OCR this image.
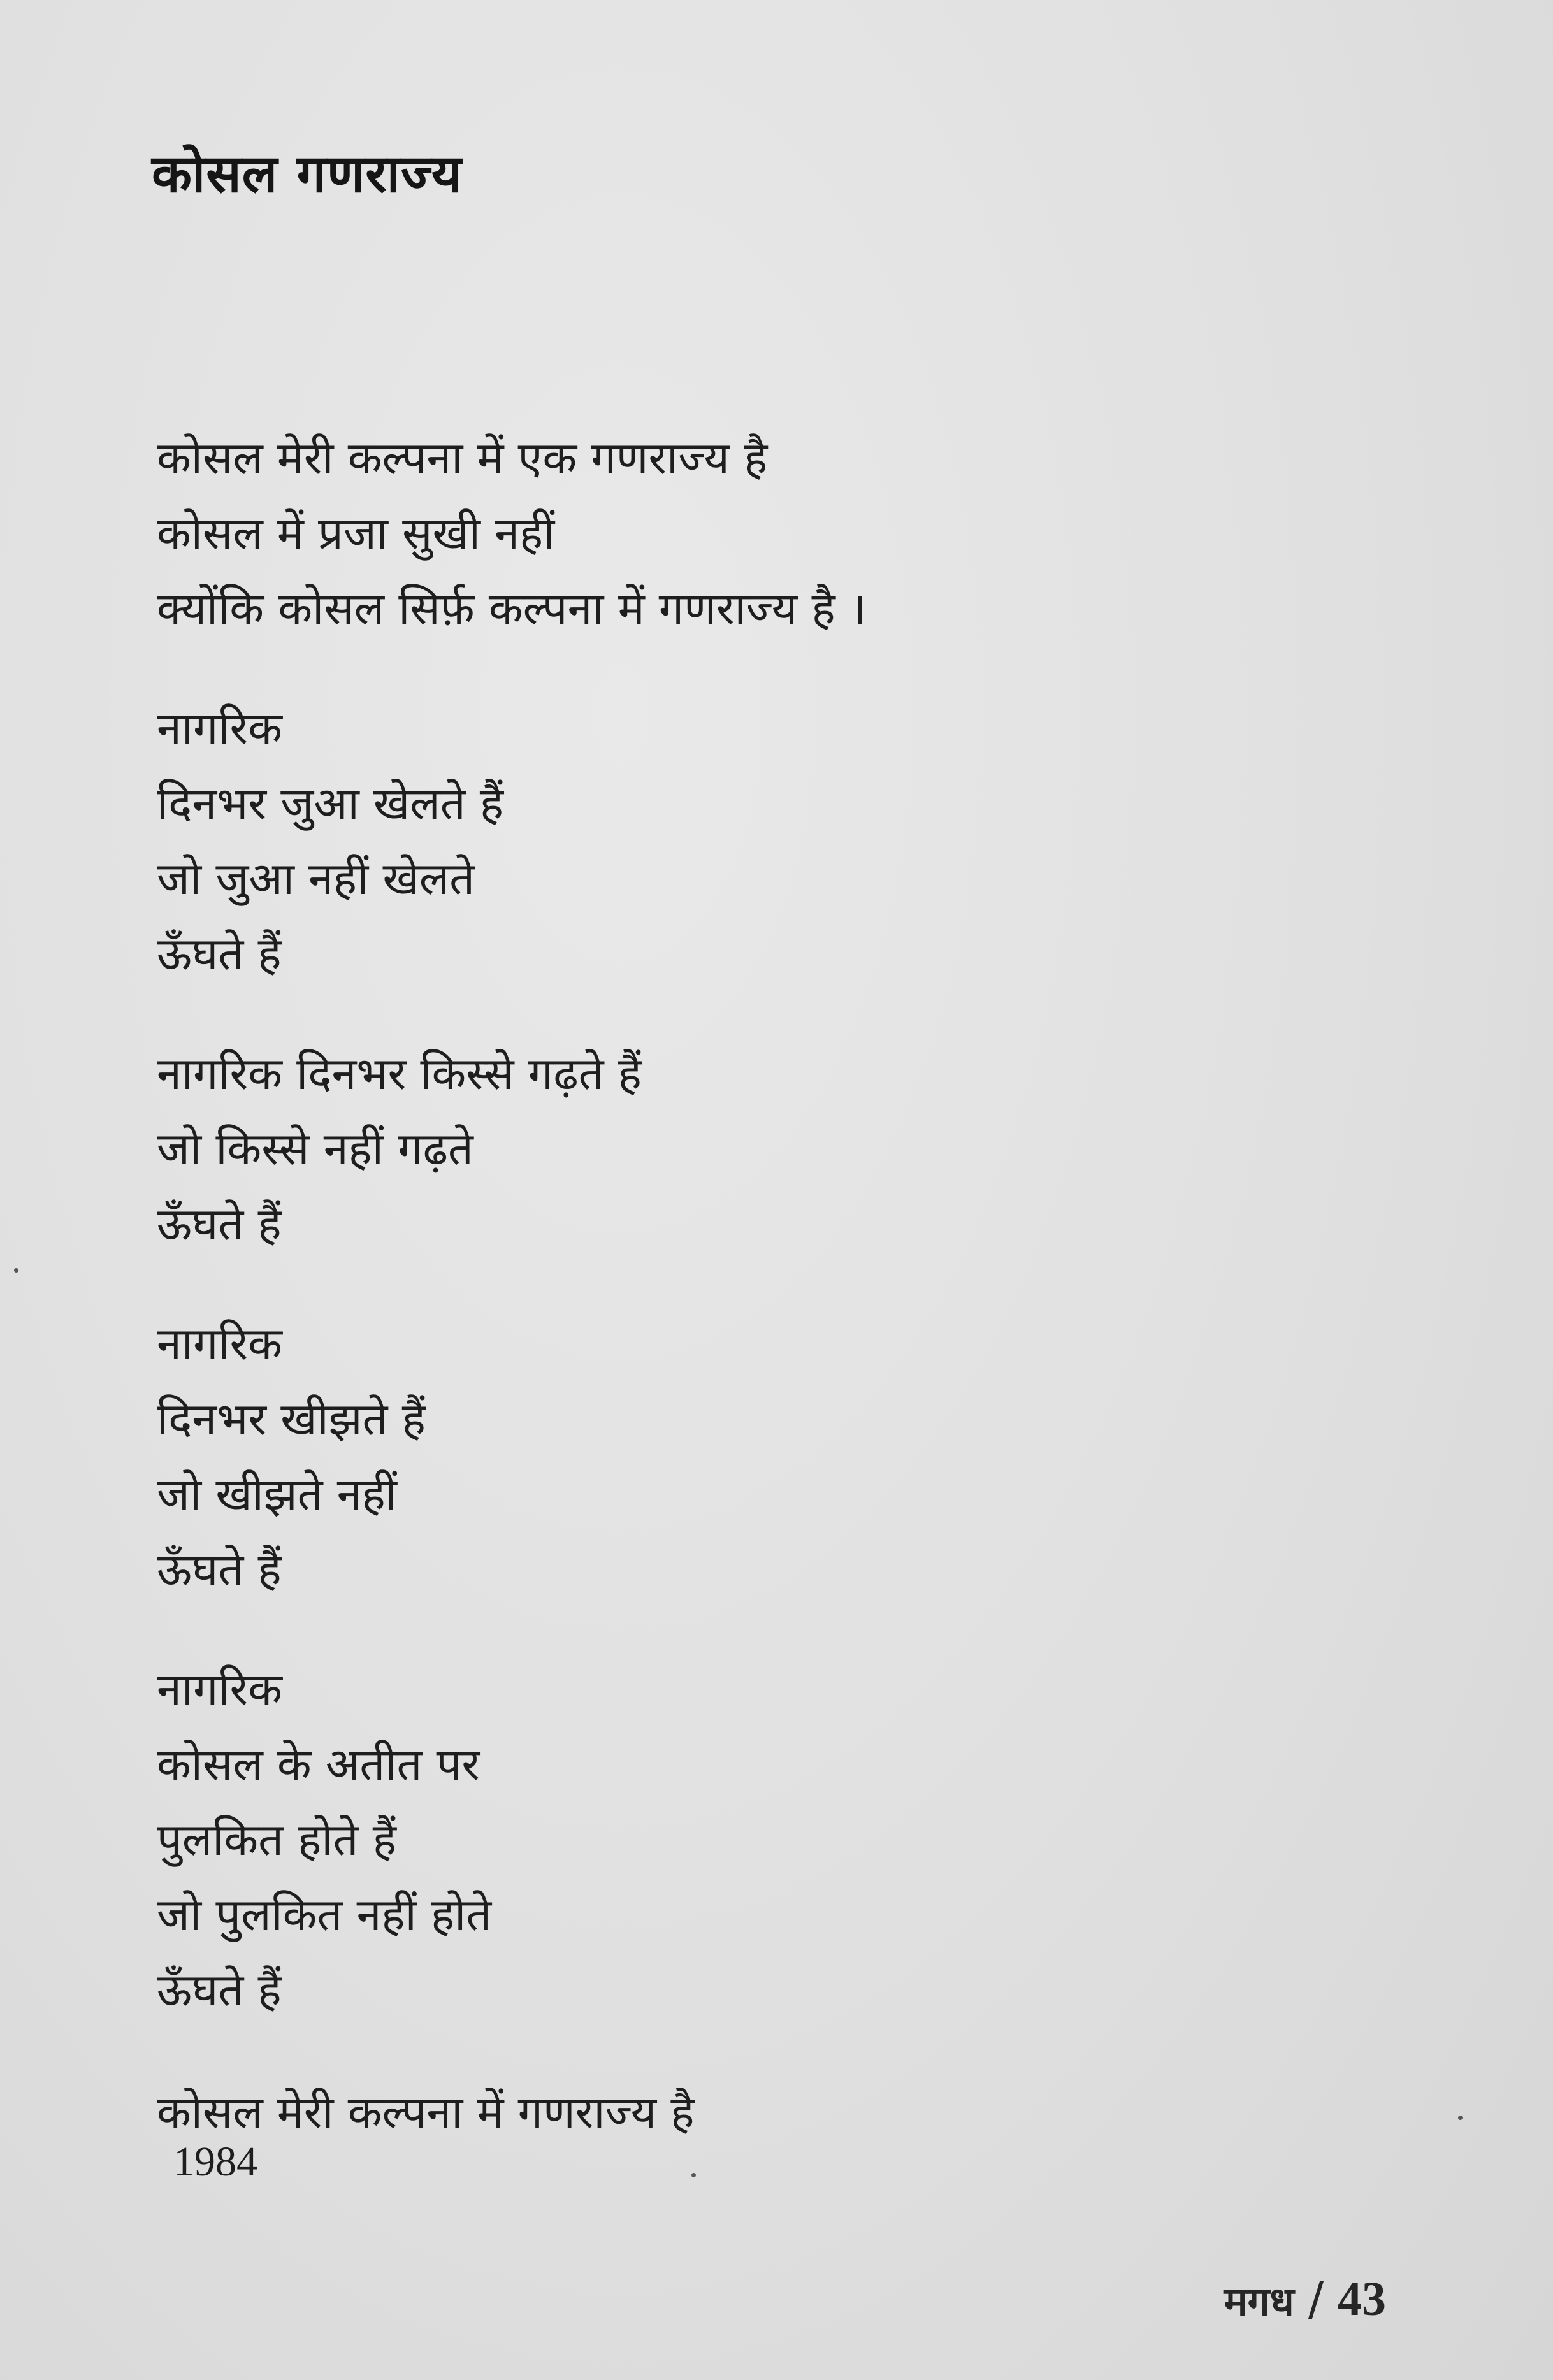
कोसल गणराज्य
कोसल मेरी कल्पना में एक गणराज्य है
कोसल में प्रजा सुखी नहीं
क्योंकि कोसल सिर्फ़ कल्पना में गणराज्य है ।
नागरिक
दिनभर जुआ खेलते हैं
जो जुआ नहीं खेलते
ऊँघते हैं
नागरिक दिनभर किस्से गढ़ते हैं
जो किस्से नहीं गढ़ते
ऊँघते हैं
नागरिक
दिनभर खीझते हैं
जो खीझते नहीं
ऊँघते हैं
नागरिक
कोसल के अतीत पर
पुलकित होते हैं
जो पुलकित नहीं होते
ऊँघते हैं
कोसल मेरी कल्पना में गणराज्य है
1984
मगध / 43
